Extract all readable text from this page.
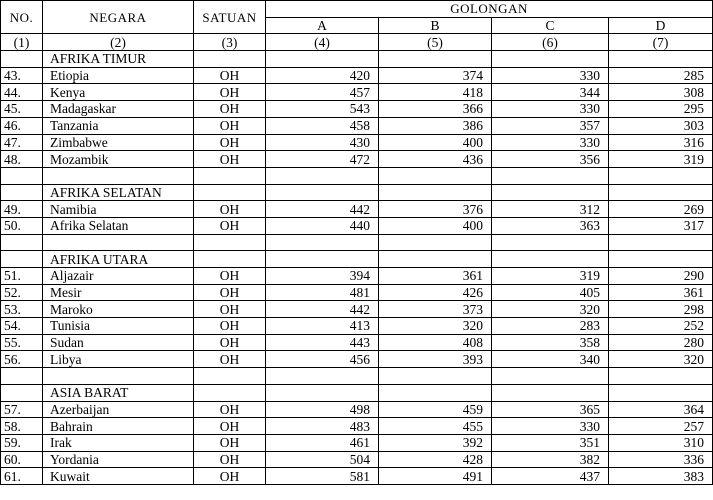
NO.	NEGARA	SATUAN	GOLONGAN			
			A	B	C	D
(1)	(2)	(3)	(4)	(5)	(6)	(7)
	AFRIKA TIMUR					
43.	Etiopia	OH	420	374	330	285
44.	Kenya	OH	457	418	344	308
45.	Madagaskar	OH	543	366	330	295
46.	Tanzania	OH	458	386	357	303
47.	Zimbabwe	OH	430	400	330	316
48.	Mozambik	OH	472	436	356	319

	AFRIKA SELATAN					
49.	Namibia	OH	442	376	312	269
50.	Afrika Selatan	OH	440	400	363	317

	AFRIKA UTARA					
51.	Aljazair	OH	394	361	319	290
52.	Mesir	OH	481	426	405	361
53.	Maroko	OH	442	373	320	298
54.	Tunisia	OH	413	320	283	252
55.	Sudan	OH	443	408	358	280
56.	Libya	OH	456	393	340	320

	ASIA BARAT					
57.	Azerbaijan	OH	498	459	365	364
58.	Bahrain	OH	483	455	330	257
59.	Irak	OH	461	392	351	310
60.	Yordania	OH	504	428	382	336
61.	Kuwait	OH	581	491	437	383
